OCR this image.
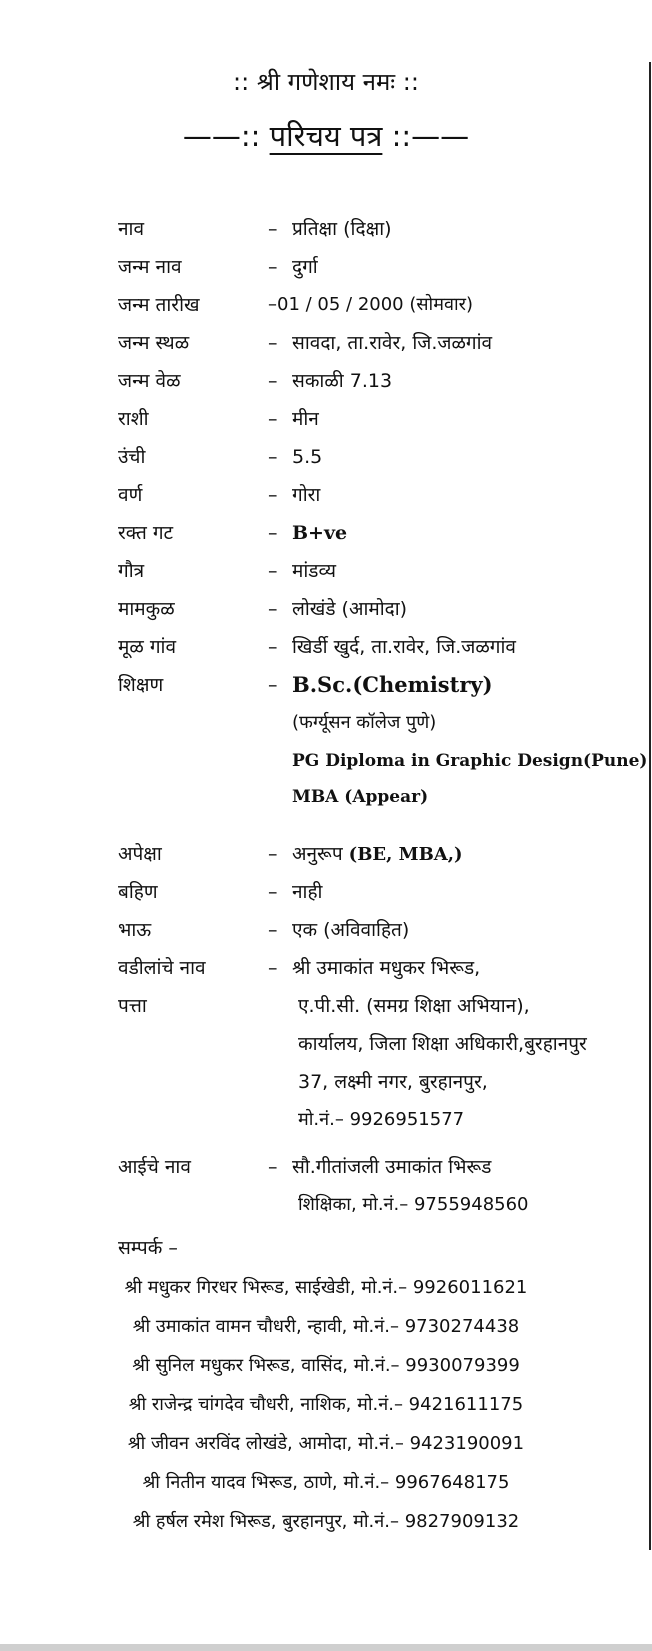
:: श्री गणेशाय नमः ::
——:: परिचय पत्र ::——
नाव	– प्रतिक्षा (दिक्षा)
जन्म नाव	– दुर्गा
जन्म तारीख	–01 / 05 / 2000 (सोमवार)
जन्म स्थळ	– सावदा, ता.रावेर, जि.जळगांव
जन्म वेळ	– सकाळी 7.13
राशी	– मीन
उंची	– 5.5
वर्ण	– गोरा
रक्त गट	– B+ve
गौत्र	– मांडव्य
मामकुळ	– लोखंडे (आमोदा)
मूळ गांव	– खिर्डी खुर्द, ता.रावेर, जि.जळगांव
शिक्षण	– B.Sc.(Chemistry)
(फर्ग्यूसन कॉलेज पुणे)
PG Diploma in Graphic Design(Pune)
MBA (Appear)
अपेक्षा	– अनुरूप (BE, MBA,)
बहिण	– नाही
भाऊ	– एक (अविवाहित)
वडीलांचे नाव	– श्री उमाकांत मधुकर भिरूड,
पत्ता	ए.पी.सी. (समग्र शिक्षा अभियान),
कार्यालय, जिला शिक्षा अधिकारी,बुरहानपुर
37, लक्ष्मी नगर, बुरहानपुर,
मो.नं.– 9926951577
आईचे नाव	– सौ.गीतांजली उमाकांत भिरूड
शिक्षिका, मो.नं.– 9755948560
सम्पर्क –
श्री मधुकर गिरधर भिरूड, साईखेडी, मो.नं.– 9926011621
श्री उमाकांत वामन चौधरी, न्हावी, मो.नं.– 9730274438
श्री सुनिल मधुकर भिरूड, वासिंद, मो.नं.– 9930079399
श्री राजेन्द्र चांगदेव चौधरी, नाशिक, मो.नं.– 9421611175
श्री जीवन अरविंद लोखंडे, आमोदा, मो.नं.– 9423190091
श्री नितीन यादव भिरूड, ठाणे, मो.नं.– 9967648175
श्री हर्षल रमेश भिरूड, बुरहानपुर, मो.नं.– 9827909132
